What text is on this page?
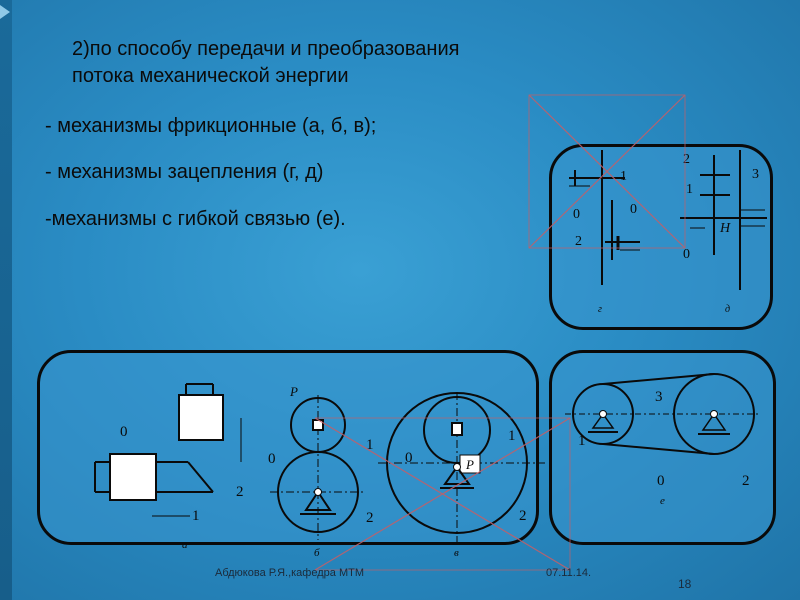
2)по способу передачи и преобразования
потока механической энергии
- механизмы фрикционные (а, б, в);
- механизмы зацепления (г, д)
-механизмы с гибкой связью (е).
1
0	0
2
2
1
3
H
0
г	д
0
2
1
а
P
0
1
2
б
P
0
1
2
в
3
1
0	2
е
Абдюкова Р.Я.,кафедра МТМ	07.11.14.
18
